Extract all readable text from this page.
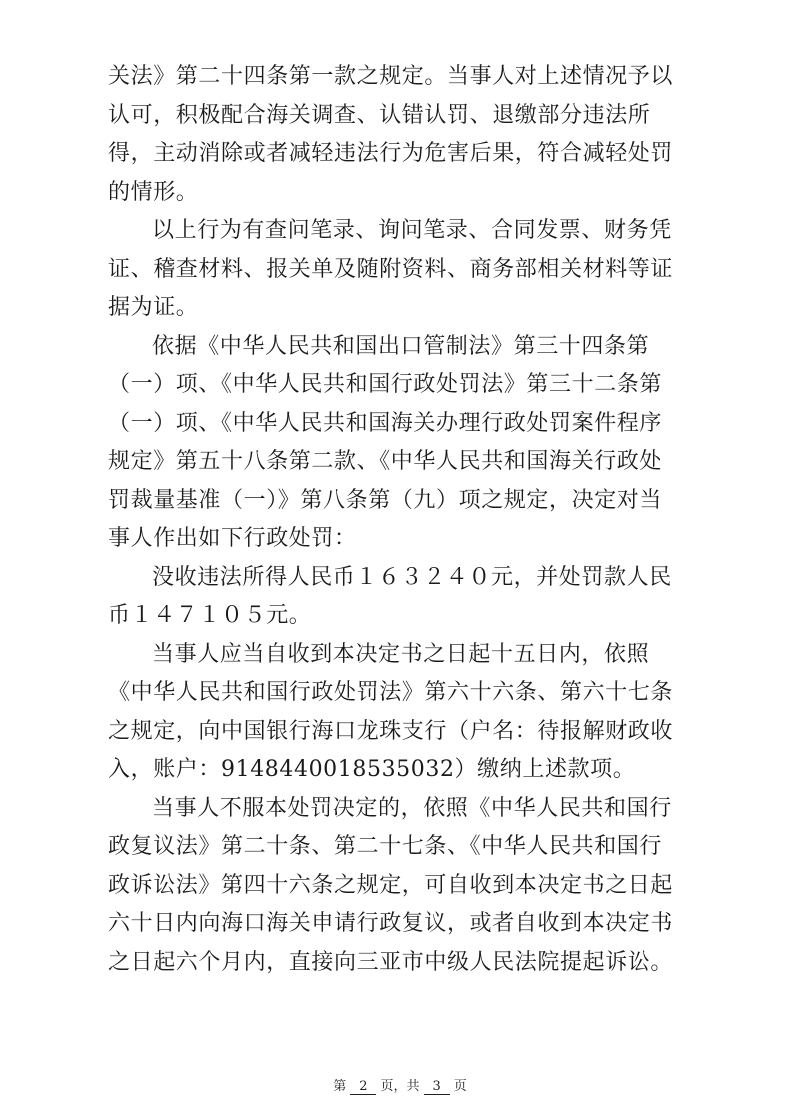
关法》第二十四条第一款之规定。当事人对上述情况予以
认可，积极配合海关调查、认错认罚、退缴部分违法所
得，主动消除或者减轻违法行为危害后果，符合减轻处罚
的情形。

以上行为有查问笔录、询问笔录、合同发票、财务凭
证、稽查材料、报关单及随附资料、商务部相关材料等证
据为证。

依据《中华人民共和国出口管制法》第三十四条第
（一）项、《中华人民共和国行政处罚法》第三十二条第
（一）项、《中华人民共和国海关办理行政处罚案件程序
规定》第五十八条第二款、《中华人民共和国海关行政处
罚裁量基准（一）》第八条第（九）项之规定，决定对当
事人作出如下行政处罚：

没收违法所得人民币１６３２４０元，并处罚款人民
币１４７１０５元。

当事人应当自收到本决定书之日起十五日内，依照
《中华人民共和国行政处罚法》第六十六条、第六十七条
之规定，向中国银行海口龙珠支行（户名：待报解财政收
入，账户：9148440018535032）缴纳上述款项。

当事人不服本处罚决定的，依照《中华人民共和国行
政复议法》第二十条、第二十七条、《中华人民共和国行
政诉讼法》第四十六条之规定，可自收到本决定书之日起
六十日内向海口海关申请行政复议，或者自收到本决定书
之日起六个月内，直接向三亚市中级人民法院提起诉讼。

第 2 页，共 3 页
